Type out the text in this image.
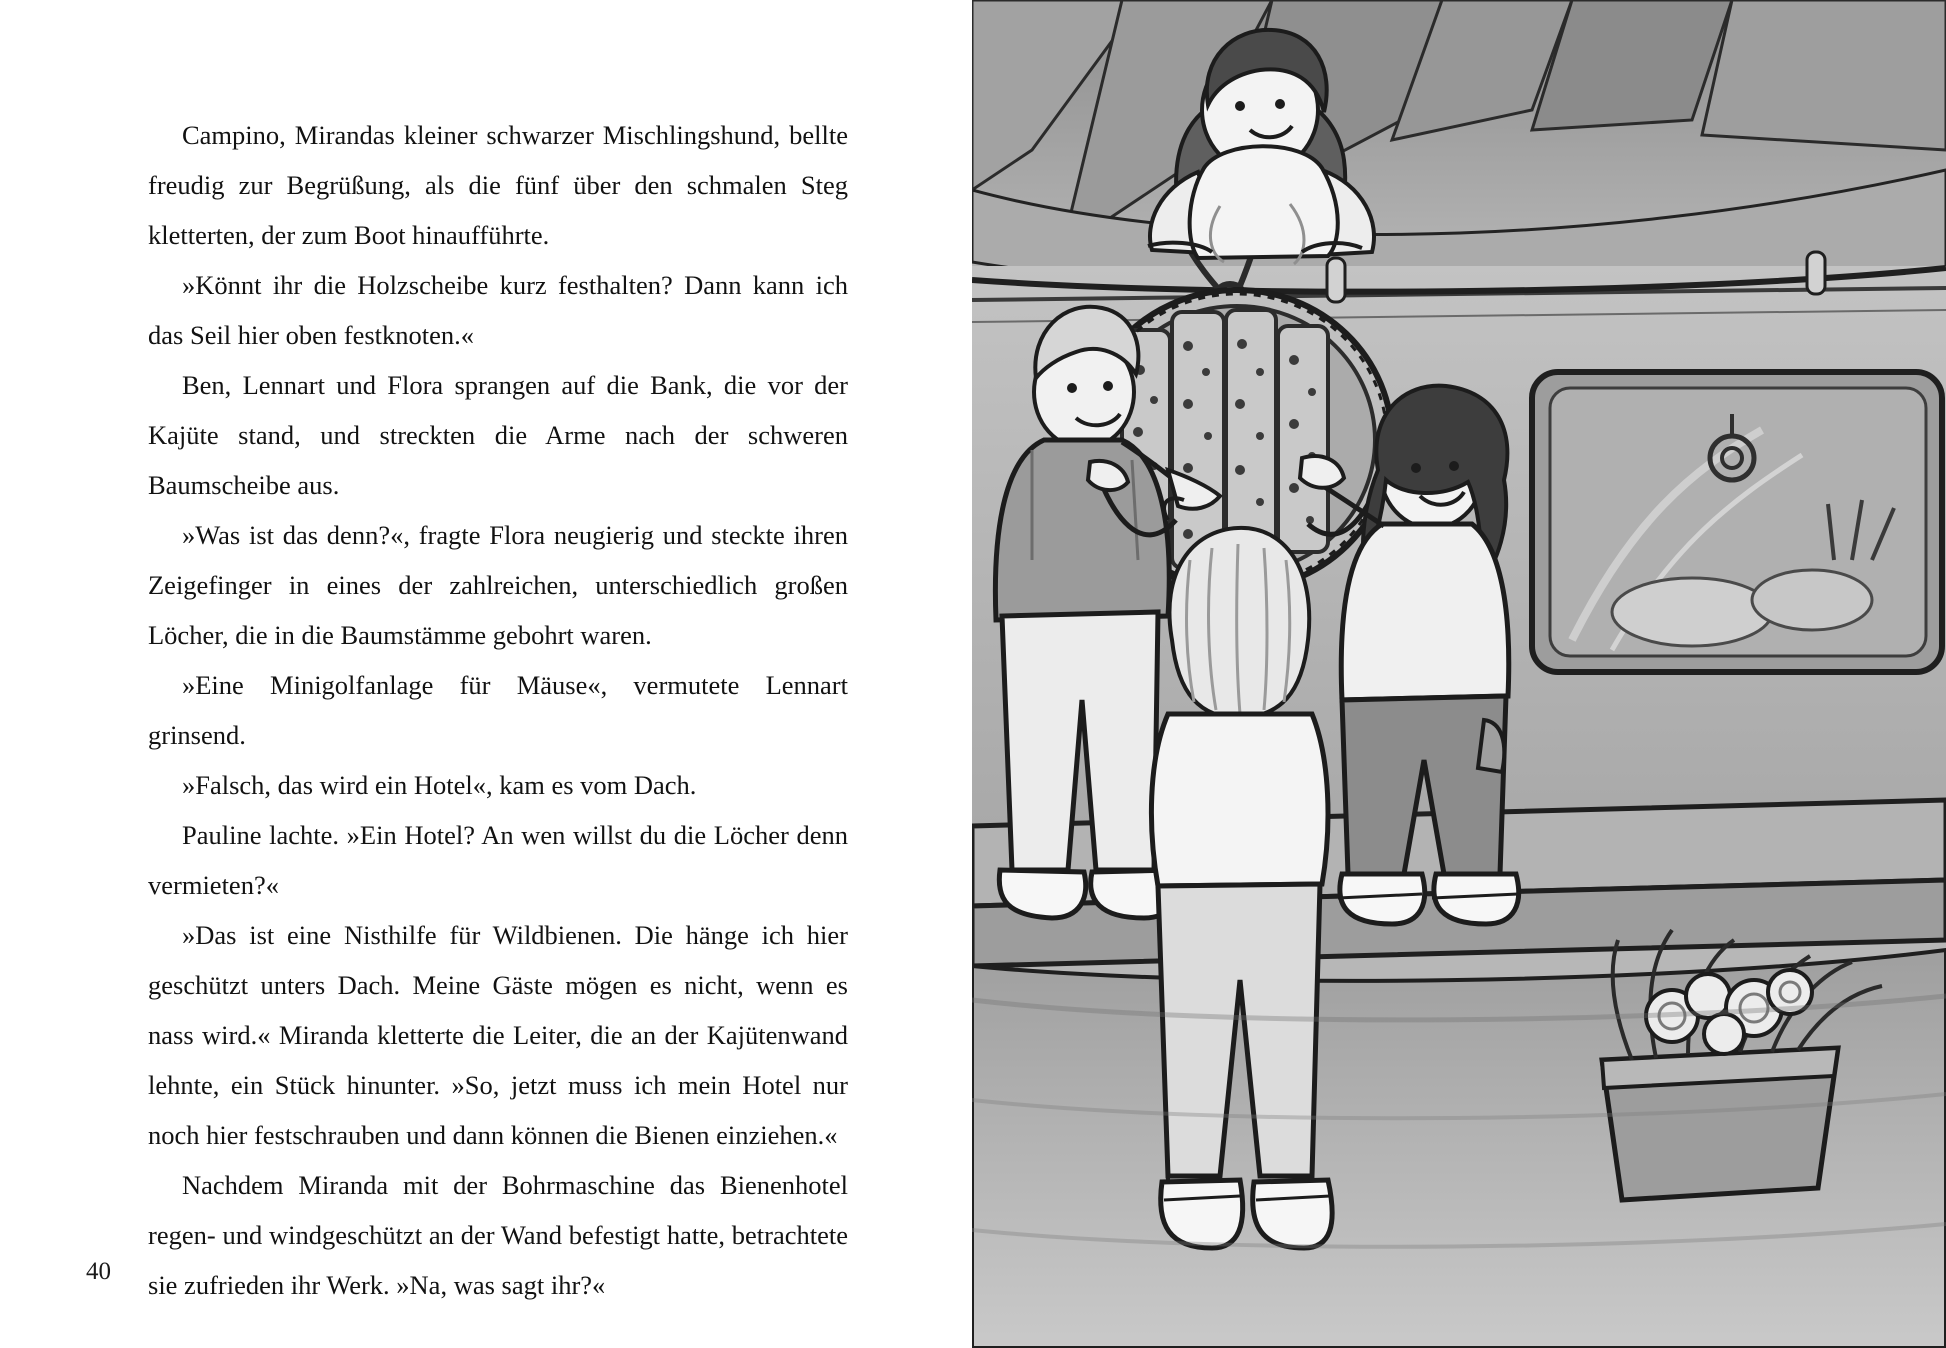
Campino, Mirandas kleiner schwarzer Mischlingshund, bellte freudig zur Begrüßung, als die fünf über den schmalen Steg kletterten, der zum Boot hinaufführte.

»Könnt ihr die Holzscheibe kurz festhalten? Dann kann ich das Seil hier oben festknoten.«

Ben, Lennart und Flora sprangen auf die Bank, die vor der Kajüte stand, und streckten die Arme nach der schweren Baumscheibe aus.

»Was ist das denn?«, fragte Flora neugierig und steckte ihren Zeigefinger in eines der zahlreichen, unterschiedlich großen Löcher, die in die Baumstämme gebohrt waren.

»Eine Minigolfanlage für Mäuse«, vermutete Lennart grinsend.

»Falsch, das wird ein Hotel«, kam es vom Dach.

Pauline lachte. »Ein Hotel? An wen willst du die Löcher denn vermieten?«

»Das ist eine Nisthilfe für Wildbienen. Die hänge ich hier geschützt unters Dach. Meine Gäste mögen es nicht, wenn es nass wird.« Miranda kletterte die Leiter, die an der Kajütenwand lehnte, ein Stück hinunter. »So, jetzt muss ich mein Hotel nur noch hier festschrauben und dann können die Bienen einziehen.«

Nachdem Miranda mit der Bohrmaschine das Bienenhotel regen- und windgeschützt an der Wand befestigt hatte, betrachtete sie zufrieden ihr Werk. »Na, was sagt ihr?«

40
